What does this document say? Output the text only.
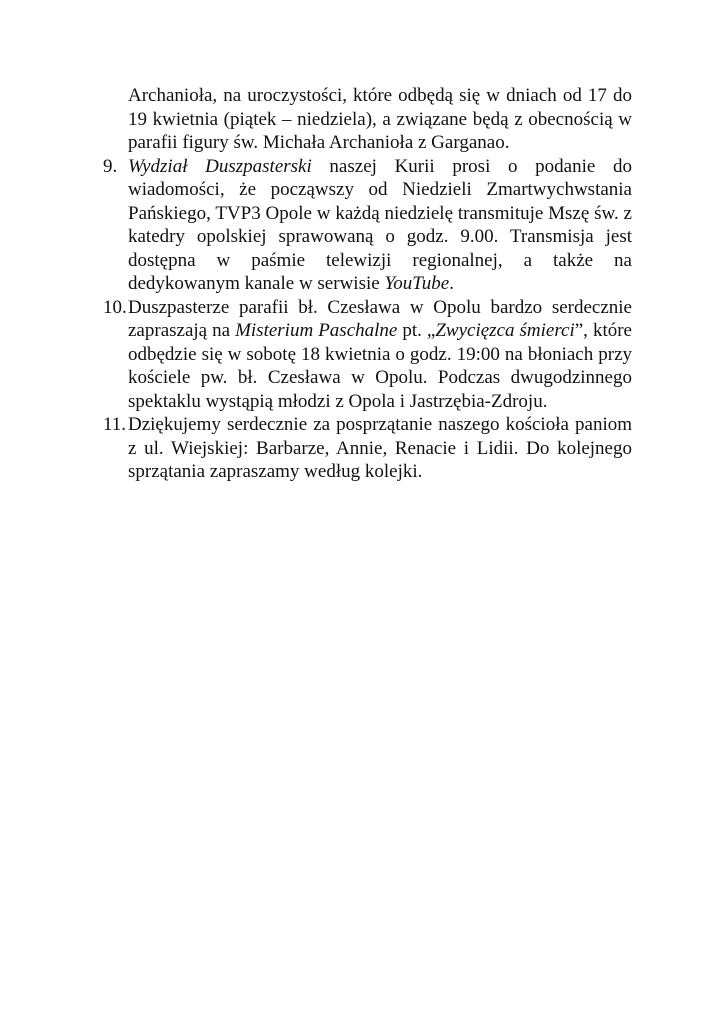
Archanioła, na uroczystości, które odbędą się w dniach od 17 do 19 kwietnia (piątek – niedziela), a związane będą z obecnością w parafii figury św. Michała Archanioła z Garganao.

9. Wydział Duszpasterski naszej Kurii prosi o podanie do wiadomości, że począwszy od Niedzieli Zmartwychwstania Pańskiego, TVP3 Opole w każdą niedzielę transmituje Mszę św. z katedry opolskiej sprawowaną o godz. 9.00. Transmisja jest dostępna w paśmie telewizji regionalnej, a także na dedykowanym kanale w serwisie YouTube.
10.Duszpasterze parafii bł. Czesława w Opolu bardzo serdecznie zapraszają na Misterium Paschalne pt. „Zwycięzca śmierci”, które odbędzie się w sobotę 18 kwietnia o godz. 19:00 na błoniach przy kościele pw. bł. Czesława w Opolu. Podczas dwugodzinnego spektaklu wystąpią młodzi z Opola i Jastrzębia-Zdroju.
11. Dziękujemy serdecznie za posprzątanie naszego kościoła paniom z ul. Wiejskiej: Barbarze, Annie, Renacie i Lidii. Do kolejnego sprzątania zapraszamy według kolejki.
